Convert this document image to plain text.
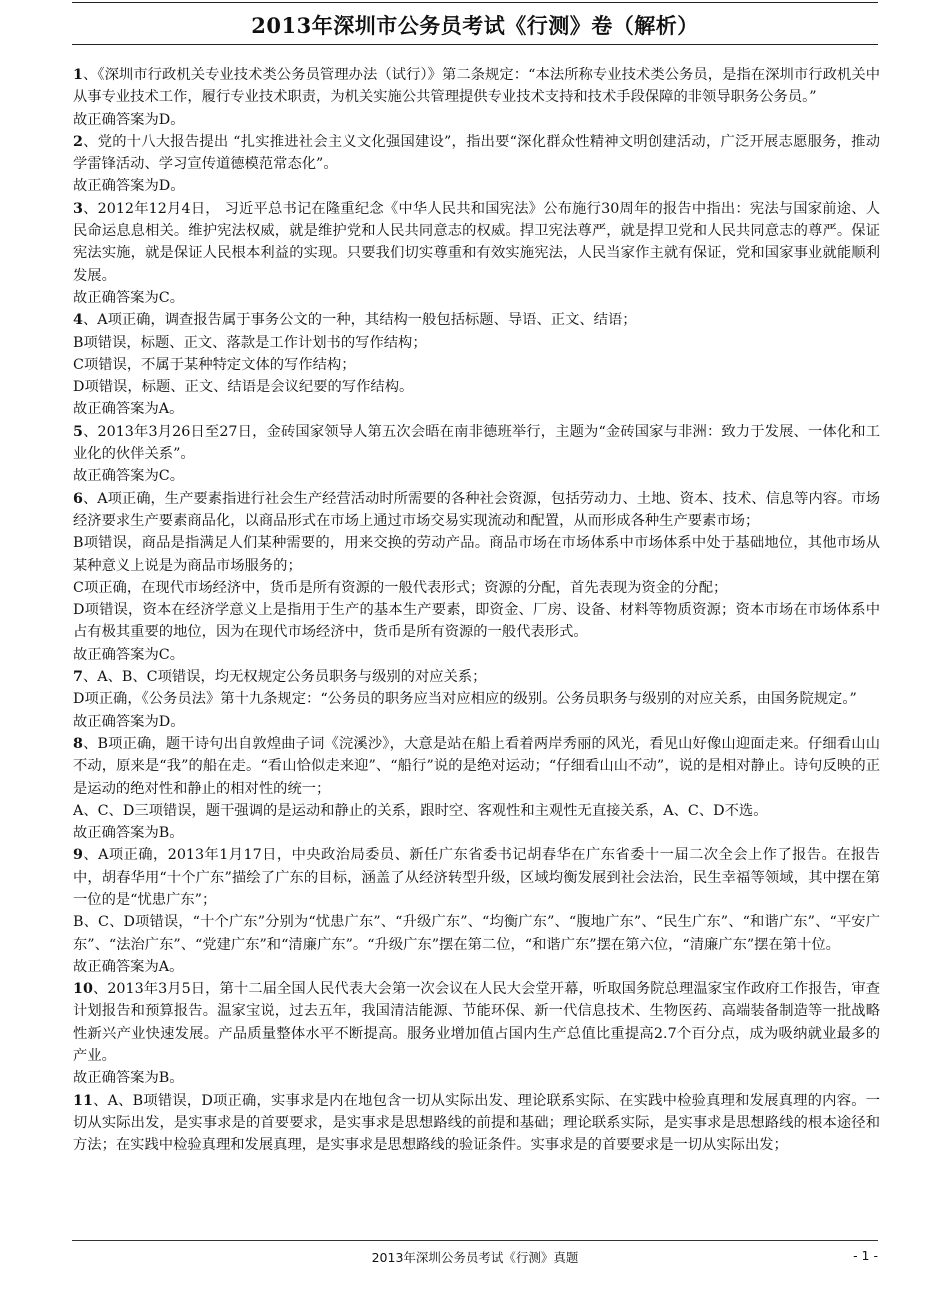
2013年深圳市公务员考试《行测》卷（解析）

1、《深圳市行政机关专业技术类公务员管理办法（试行）》第二条规定：“本法所称专业技术类公务员，是指在深圳市行政机关中从事专业技术工作，履行专业技术职责，为机关实施公共管理提供专业技术支持和技术手段保障的非领导职务公务员。”

故正确答案为D。

2、党的十八大报告提出 “扎实推进社会主义文化强国建设”，指出要“深化群众性精神文明创建活动，广泛开展志愿服务，推动学雷锋活动、学习宣传道德模范常态化”。

故正确答案为D。

3、2012年12月4日， 习近平总书记在隆重纪念《中华人民共和国宪法》公布施行30周年的报告中指出：宪法与国家前途、人民命运息息相关。维护宪法权威，就是维护党和人民共同意志的权威。捍卫宪法尊严，就是捍卫党和人民共同意志的尊严。保证宪法实施，就是保证人民根本利益的实现。只要我们切实尊重和有效实施宪法，人民当家作主就有保证，党和国家事业就能顺利发展。

故正确答案为C。

4、A项正确，调查报告属于事务公文的一种，其结构一般包括标题、导语、正文、结语；

B项错误，标题、正文、落款是工作计划书的写作结构；

C项错误，不属于某种特定文体的写作结构；

D项错误，标题、正文、结语是会议纪要的写作结构。

故正确答案为A。

5、2013年3月26日至27日，金砖国家领导人第五次会晤在南非德班举行，主题为“金砖国家与非洲：致力于发展、一体化和工业化的伙伴关系”。

故正确答案为C。

6、A项正确，生产要素指进行社会生产经营活动时所需要的各种社会资源，包括劳动力、土地、资本、技术、信息等内容。市场经济要求生产要素商品化，以商品形式在市场上通过市场交易实现流动和配置，从而形成各种生产要素市场；

B项错误，商品是指满足人们某种需要的，用来交换的劳动产品。商品市场在市场体系中市场体系中处于基础地位，其他市场从某种意义上说是为商品市场服务的；

C项正确，在现代市场经济中，货币是所有资源的一般代表形式；资源的分配，首先表现为资金的分配；

D项错误，资本在经济学意义上是指用于生产的基本生产要素，即资金、厂房、设备、材料等物质资源；资本市场在市场体系中占有极其重要的地位，因为在现代市场经济中，货币是所有资源的一般代表形式。

故正确答案为C。

7、A、B、C项错误，均无权规定公务员职务与级别的对应关系；

D项正确，《公务员法》第十九条规定：“公务员的职务应当对应相应的级别。公务员职务与级别的对应关系，由国务院规定。”

故正确答案为D。

8、B项正确，题干诗句出自敦煌曲子词《浣溪沙》，大意是站在船上看着两岸秀丽的风光，看见山好像山迎面走来。仔细看山山不动，原来是“我”的船在走。“看山恰似走来迎”、“船行”说的是绝对运动；“仔细看山山不动”，说的是相对静止。诗句反映的正是运动的绝对性和静止的相对性的统一；

A、C、D三项错误，题干强调的是运动和静止的关系，跟时空、客观性和主观性无直接关系，A、C、D不选。

故正确答案为B。

9、A项正确，2013年1月17日，中央政治局委员、新任广东省委书记胡春华在广东省委十一届二次全会上作了报告。在报告中，胡春华用“十个广东”描绘了广东的目标，涵盖了从经济转型升级，区域均衡发展到社会法治，民生幸福等领域，其中摆在第一位的是“忧患广东”；

B、C、D项错误，“十个广东”分别为“忧患广东”、“升级广东”、“均衡广东”、“腹地广东”、“民生广东”、“和谐广东”、“平安广东”、“法治广东”、“党建广东”和“清廉广东”。“升级广东”摆在第二位，“和谐广东”摆在第六位，“清廉广东”摆在第十位。

故正确答案为A。

10、2013年3月5日，第十二届全国人民代表大会第一次会议在人民大会堂开幕，听取国务院总理温家宝作政府工作报告，审查计划报告和预算报告。温家宝说，过去五年，我国清洁能源、节能环保、新一代信息技术、生物医药、高端装备制造等一批战略性新兴产业快速发展。产品质量整体水平不断提高。服务业增加值占国内生产总值比重提高2.7个百分点，成为吸纳就业最多的产业。

故正确答案为B。

11、A、B项错误，D项正确，实事求是内在地包含一切从实际出发、理论联系实际、在实践中检验真理和发展真理的内容。一切从实际出发，是实事求是的首要要求，是实事求是思想路线的前提和基础；理论联系实际，是实事求是思想路线的根本途径和方法；在实践中检验真理和发展真理，是实事求是思想路线的验证条件。实事求是的首要要求是一切从实际出发；

2013年深圳公务员考试《行测》真题	- 1 -
